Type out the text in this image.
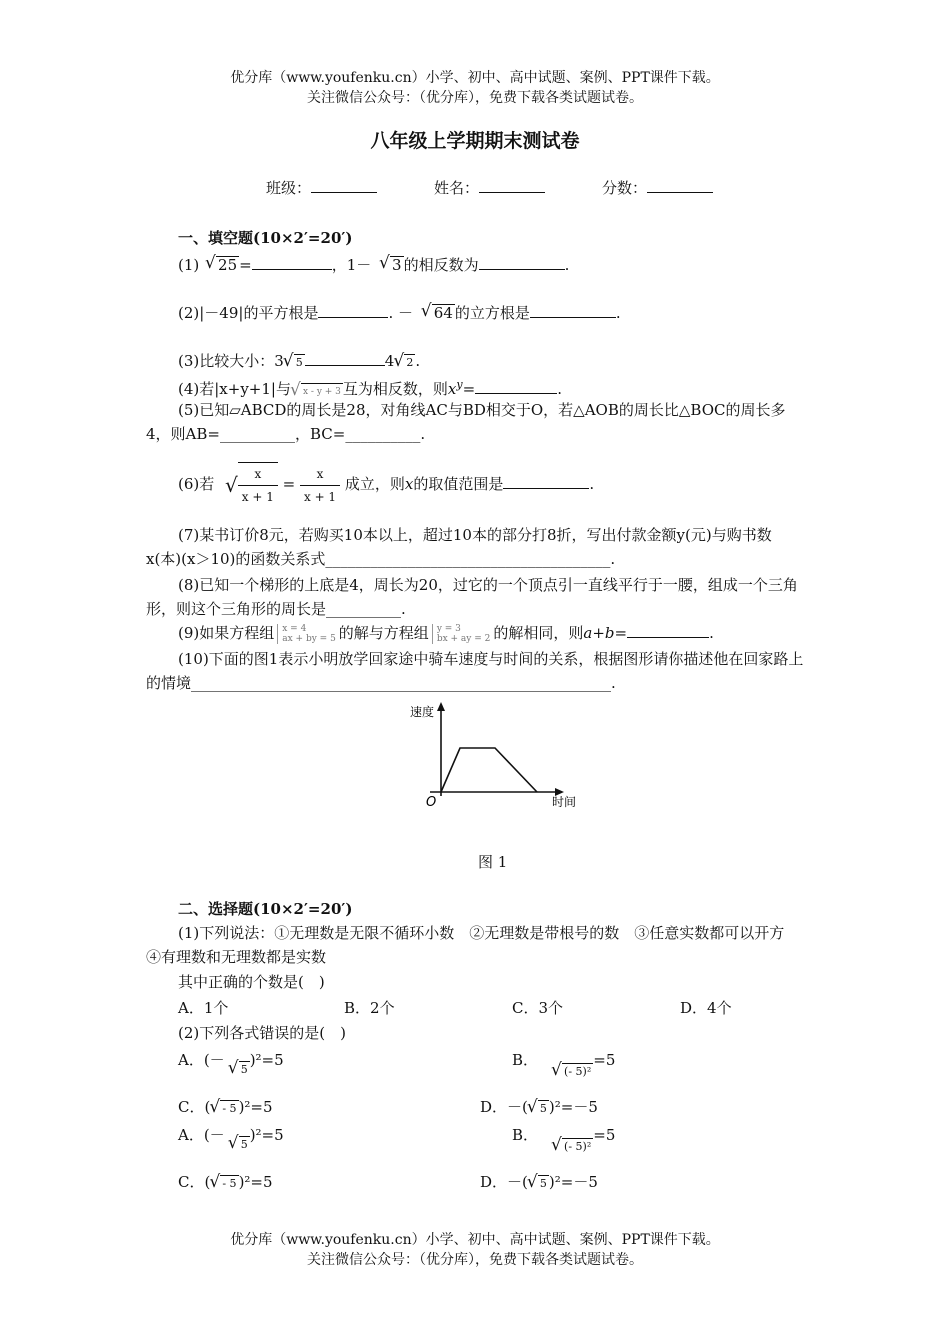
优分库（www.youfenku.cn）小学、初中、高中试题、案例、PPT课件下载。
关注微信公众号：（优分库），免费下载各类试题试卷。
八年级上学期期末测试卷
班级：	姓名：	分数：
一、填空题(10×2′=20′)
(1) √ 25 =	，1－ √ 3 的相反数为	.
(2)|－49|的平方根是	. － √ 64 的立方根是	.
(3)比较大小：3 √ 5	4 √ 2 .
(4)若|x+y+1|与 √ x - y + 3 互为相反数，则$x^y=$	.
(5)已知▱ABCD的周长是28，对角线AC与BD相交于O，若△AOB的周长比△BOC的周长多4，则AB=__________，BC=__________.
(6)若 √ $\frac{x}{x + 1} = \frac{x}{x + 1}$ 成立，则x的取值范围是	.
(7)某书订价8元，若购买10本以上，超过10本的部分打8折，写出付款金额y(元)与购书数x(本)(x＞10)的函数关系式______________________________________.
(8)已知一个梯形的上底是4，周长为20，过它的一个顶点引一直线平行于一腰，组成一个三角形，则这个三角形的周长是__________.
(9)如果方程组 x = 4
ax + by = 5 的解与方程组 y = 3
bx + ay = 2 的解相同，则a+b=	.
(10)下面的图1表示小明放学回家途中骑车速度与时间的关系，根据图形请你描述他在回家路上的情境________________________________________________________.
速度
时间
O
图 1
二、选择题(10×2′=20′)
(1)下列说法：①无理数是无限不循环小数　②无理数是带根号的数　③任意实数都可以开方　④有理数和无理数都是实数
其中正确的个数是(　)
A．1个	B．2个	C．3个	D．4个
(2)下列各式错误的是(　)
A．(－√ 5)²=5	B．√ (- 5)²=5
C．( √ - 5 )²=5	D．－( √ 5 )²=－5
A．(－√ 5)²=5	B．√ (- 5)²=5
C．( √ - 5 )²=5	D．－( √ 5 )²=－5
优分库（www.youfenku.cn）小学、初中、高中试题、案例、PPT课件下载。
关注微信公众号：（优分库），免费下载各类试题试卷。
